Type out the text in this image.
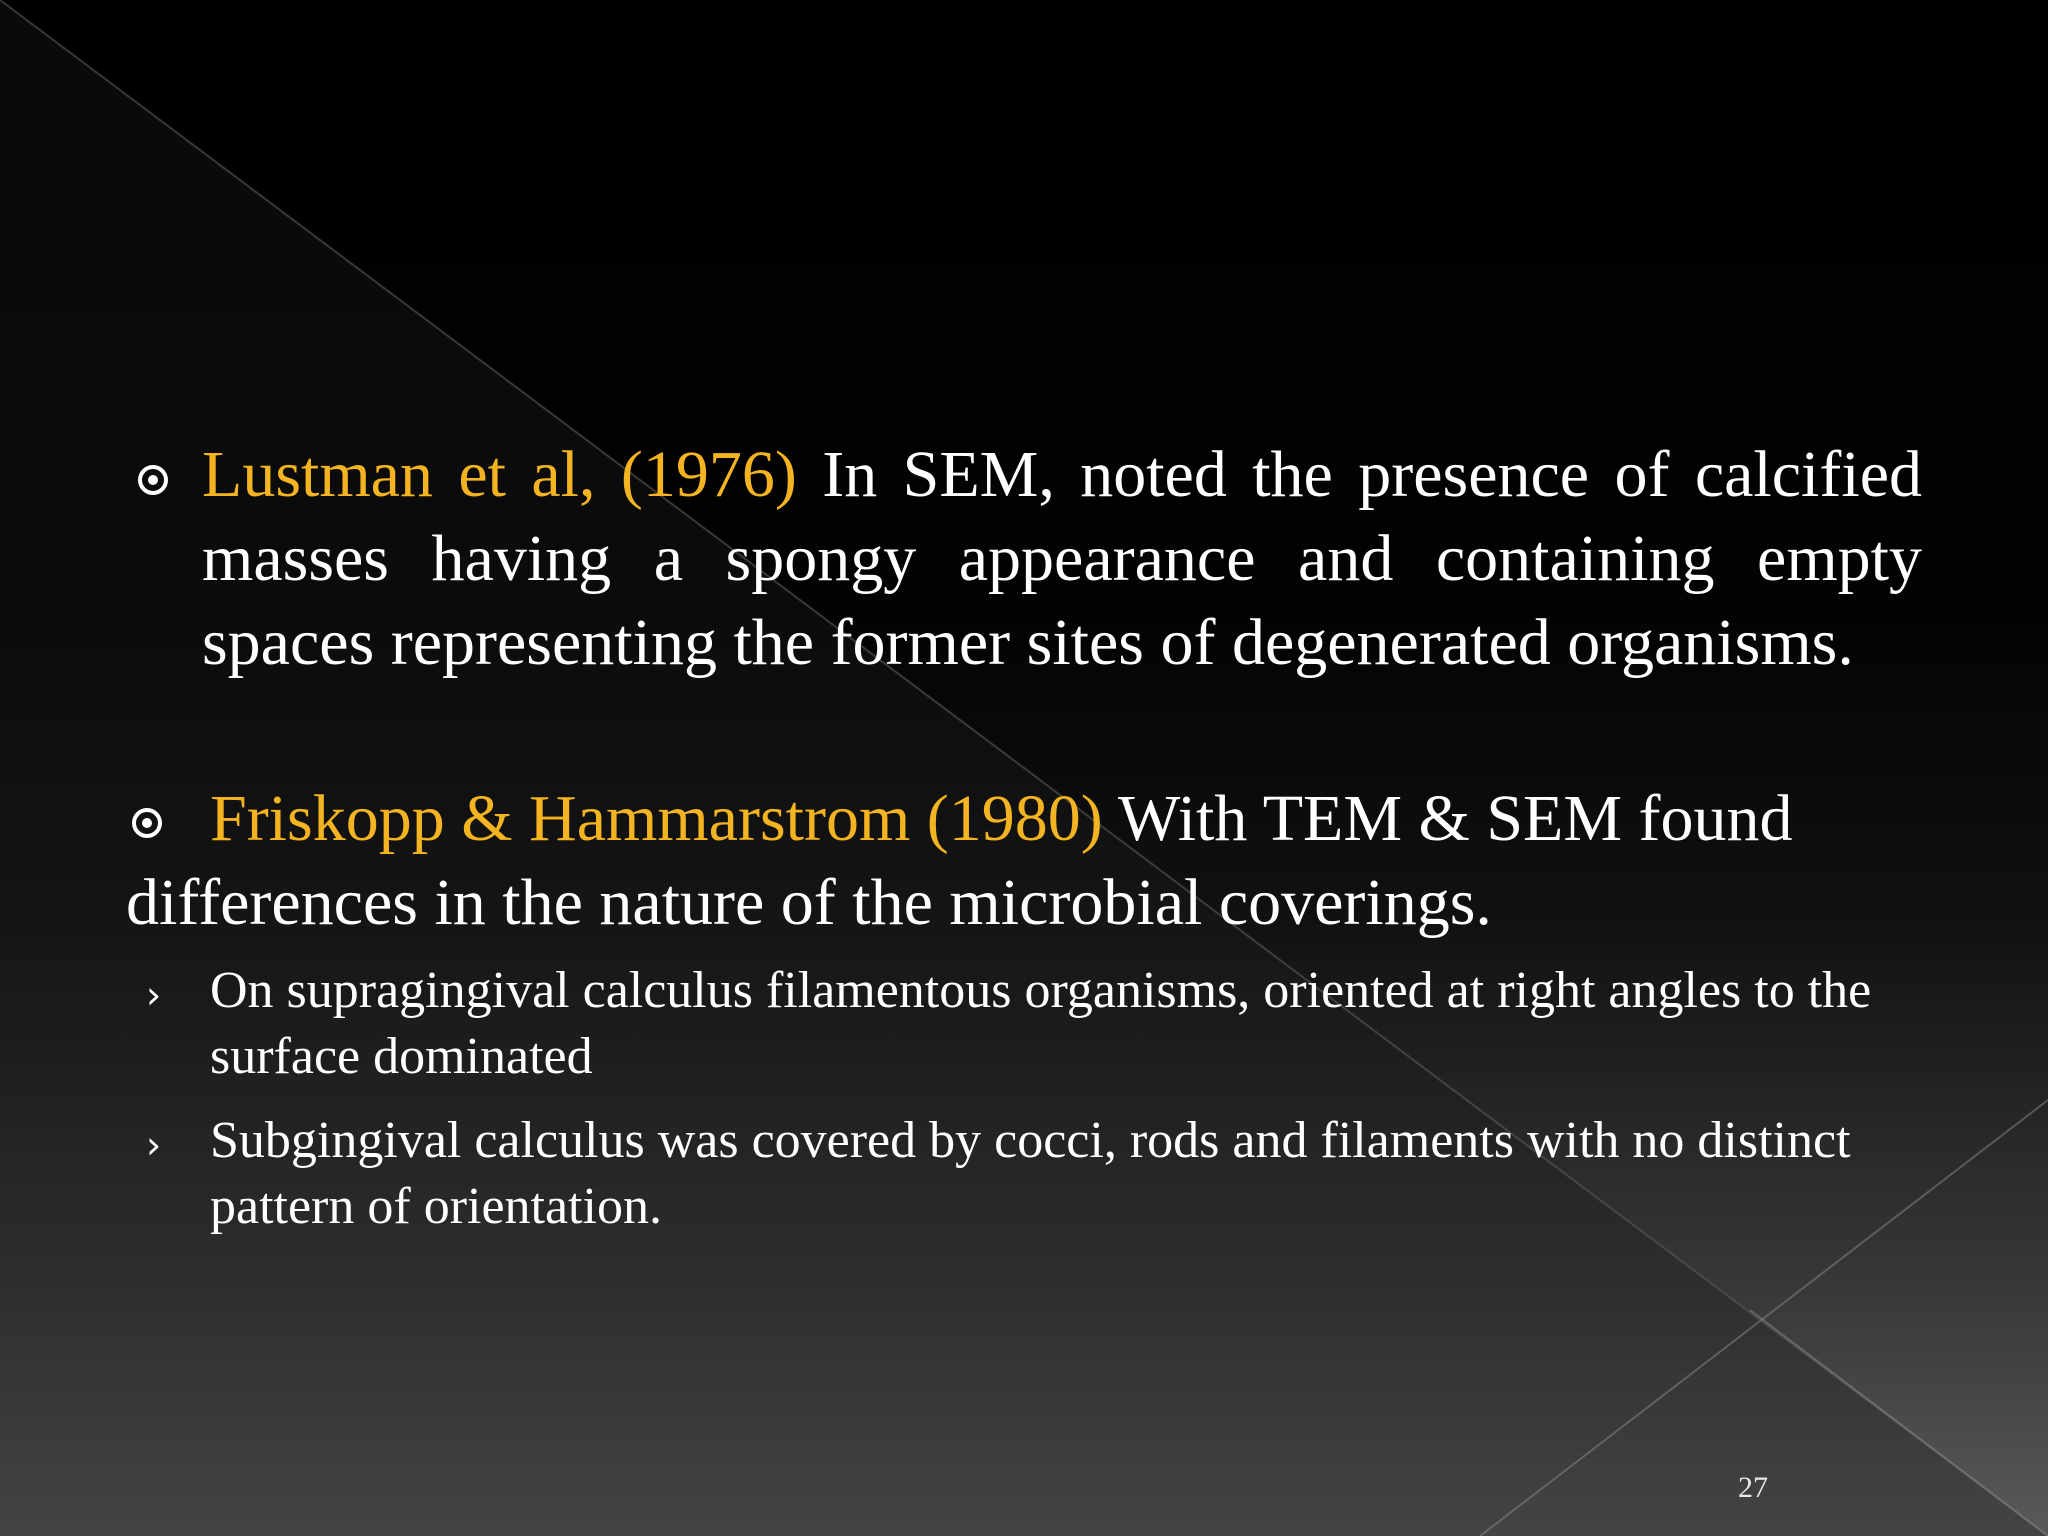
Lustman et al, (1976) In SEM, noted the presence of calcified
masses having a spongy appearance and containing empty
spaces representing the former sites of degenerated organisms.
Friskopp & Hammarstrom (1980) With TEM & SEM found
differences in the nature of the microbial coverings.
› On supragingival calculus filamentous organisms, oriented at right angles to the surface dominated
› Subgingival calculus was covered by cocci, rods and filaments with no distinct pattern of orientation.
27
